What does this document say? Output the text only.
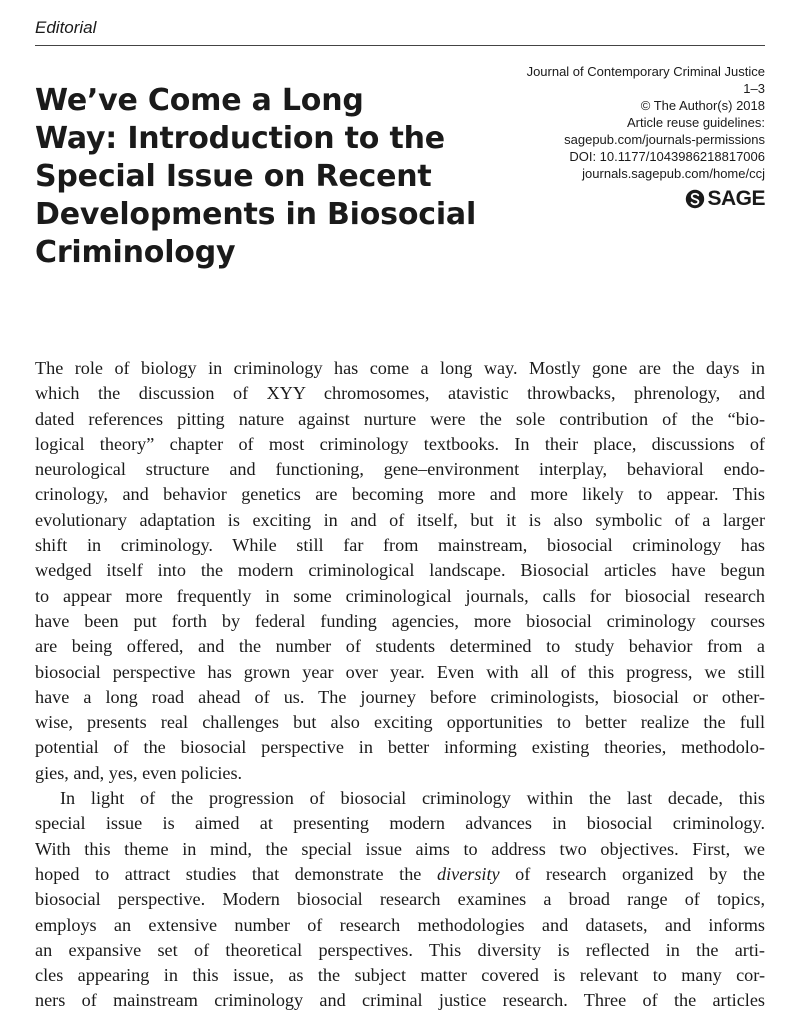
Editorial
We’ve Come a Long
Way: Introduction to the
Special Issue on Recent
Developments in Biosocial
Criminology
Journal of Contemporary Criminal Justice
1–3
© The Author(s) 2018
Article reuse guidelines:
sagepub.com/journals-permissions
DOI: 10.1177/1043986218817006
journals.sagepub.com/home/ccj
SAGE
The role of biology in criminology has come a long way. Mostly gone are the days in
which the discussion of XYY chromosomes, atavistic throwbacks, phrenology, and
dated references pitting nature against nurture were the sole contribution of the “bio-
logical theory” chapter of most criminology textbooks. In their place, discussions of
neurological structure and functioning, gene–environment interplay, behavioral endo-
crinology, and behavior genetics are becoming more and more likely to appear. This
evolutionary adaptation is exciting in and of itself, but it is also symbolic of a larger
shift in criminology. While still far from mainstream, biosocial criminology has
wedged itself into the modern criminological landscape. Biosocial articles have begun
to appear more frequently in some criminological journals, calls for biosocial research
have been put forth by federal funding agencies, more biosocial criminology courses
are being offered, and the number of students determined to study behavior from a
biosocial perspective has grown year over year. Even with all of this progress, we still
have a long road ahead of us. The journey before criminologists, biosocial or other-
wise, presents real challenges but also exciting opportunities to better realize the full
potential of the biosocial perspective in better informing existing theories, methodolo-
gies, and, yes, even policies.
In light of the progression of biosocial criminology within the last decade, this
special issue is aimed at presenting modern advances in biosocial criminology.
With this theme in mind, the special issue aims to address two objectives. First, we
hoped to attract studies that demonstrate the diversity of research organized by the
biosocial perspective. Modern biosocial research examines a broad range of topics,
employs an extensive number of research methodologies and datasets, and informs
an expansive set of theoretical perspectives. This diversity is reflected in the arti-
cles appearing in this issue, as the subject matter covered is relevant to many cor-
ners of mainstream criminology and criminal justice research. Three of the articles
